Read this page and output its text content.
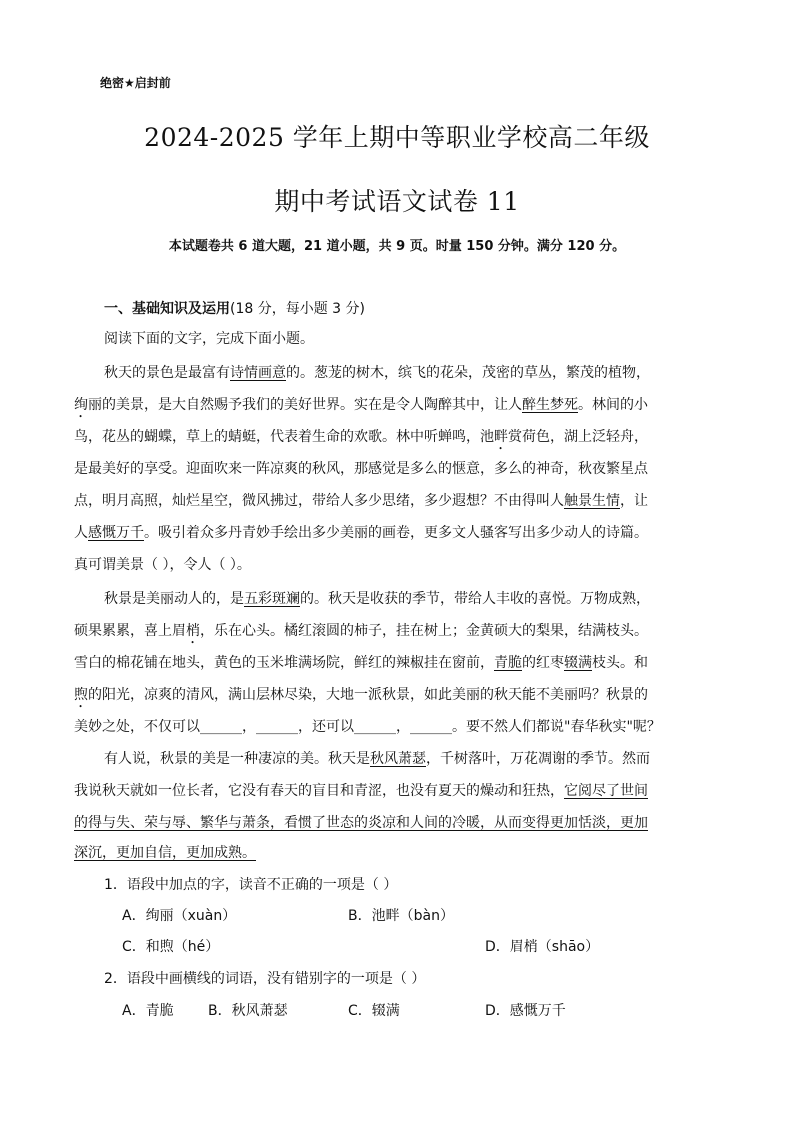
绝密★启封前
2024-2025 学年上期中等职业学校高二年级
期中考试语文试卷 11
本试题卷共 6 道大题，21 道小题，共 9 页。时量 150 分钟。满分 120 分。
一、基础知识及运用(18 分，每小题 3 分)
阅读下面的文字，完成下面小题。
秋天的景色是最富有诗情画意的。葱茏的树木，缤飞的花朵，茂密的草丛，繁茂的植物，
绚丽的美景，是大自然赐予我们的美好世界。实在是令人陶醉其中，让人醉生梦死。林间的小
鸟，花丛的蝴蝶，草上的蜻蜓，代表着生命的欢歌。林中听蝉鸣，池畔赏荷色，湖上泛轻舟，
是最美好的享受。迎面吹来一阵凉爽的秋风，那感觉是多么的惬意，多么的神奇，秋夜繁星点
点，明月高照，灿烂星空，微风拂过，带给人多少思绪，多少遐想？不由得叫人触景生情，让
人感慨万千。吸引着众多丹青妙手绘出多少美丽的画卷，更多文人骚客写出多少动人的诗篇。
真可谓美景（ ），令人（ ）。
秋景是美丽动人的，是五彩斑斓的。秋天是收获的季节，带给人丰收的喜悦。万物成熟，
硕果累累，喜上眉梢，乐在心头。橘红滚圆的柿子，挂在树上；金黄硕大的梨果，结满枝头。
雪白的棉花铺在地头，黄色的玉米堆满场院，鲜红的辣椒挂在窗前，青脆的红枣辍满枝头。和
煦的阳光，凉爽的清风，满山层林尽染，大地一派秋景，如此美丽的秋天能不美丽吗？秋景的
美妙之处，不仅可以______，______，还可以______，______。要不然人们都说"春华秋实"呢？
有人说，秋景的美是一种凄凉的美。秋天是秋风萧瑟，千树落叶，万花凋谢的季节。然而
我说秋天就如一位长者，它没有春天的盲目和青涩，也没有夏天的燥动和狂热，它阅尽了世间
的得与失、荣与辱、繁华与萧条，看惯了世态的炎凉和人间的冷暖，从而变得更加恬淡，更加
深沉，更加自信，更加成熟。
1．语段中加点的字，读音不正确的一项是（ ）
A．绚丽（xuàn）	B．池畔（bàn）
C．和煦（hé）	D．眉梢（shāo）
2．语段中画横线的词语，没有错别字的一项是（ ）
A．青脆 B．秋风萧瑟	C．辍满	D．感慨万千
